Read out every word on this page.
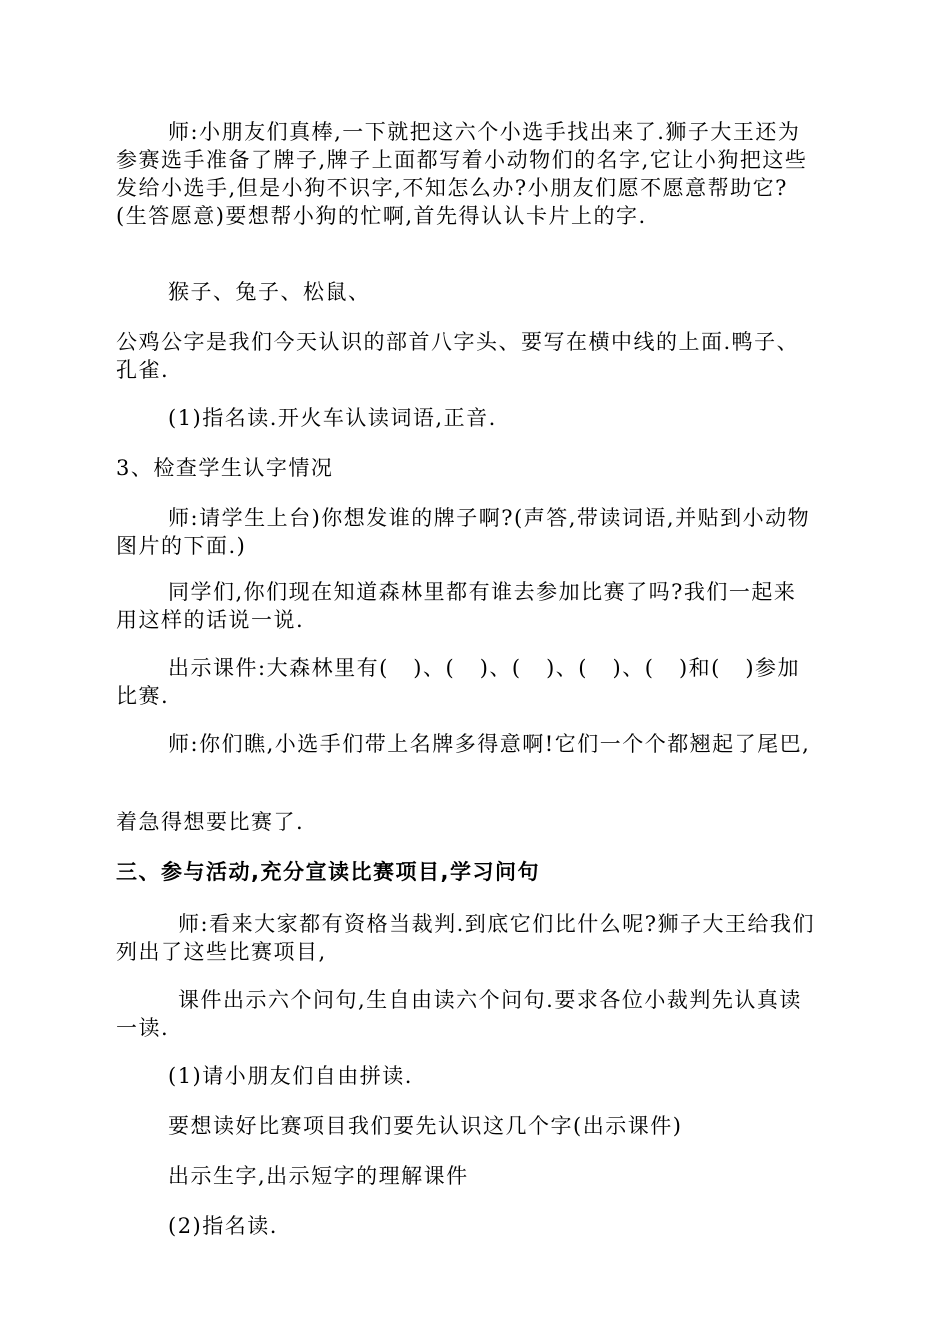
师:小朋友们真棒,一下就把这六个小选手找出来了.狮子大王还为参赛选手准备了牌子,牌子上面都写着小动物们的名字,它让小狗把这些发给小选手,但是小狗不识字,不知怎么办?小朋友们愿不愿意帮助它?(生答愿意)要想帮小狗的忙啊,首先得认认卡片上的字.

猴子、兔子、松鼠、

公鸡公字是我们今天认识的部首八字头、要写在横中线的上面.鸭子、孔雀.

(1)指名读.开火车认读词语,正音.

3、检查学生认字情况

师:请学生上台)你想发谁的牌子啊?(声答,带读词语,并贴到小动物图片的下面.)

同学们,你们现在知道森林里都有谁去参加比赛了吗?我们一起来用这样的话说一说.

出示课件:大森林里有(   )、(   )、(   )、(   )、(   )和(   )参加比赛.

师:你们瞧,小选手们带上名牌多得意啊!它们一个个都翘起了尾巴,

着急得想要比赛了.

三、参与活动,充分宣读比赛项目,学习问句

师:看来大家都有资格当裁判.到底它们比什么呢?狮子大王给我们列出了这些比赛项目,

课件出示六个问句,生自由读六个问句.要求各位小裁判先认真读一读.

(1)请小朋友们自由拼读.

要想读好比赛项目我们要先认识这几个字(出示课件)

出示生字,出示短字的理解课件

(2)指名读.
